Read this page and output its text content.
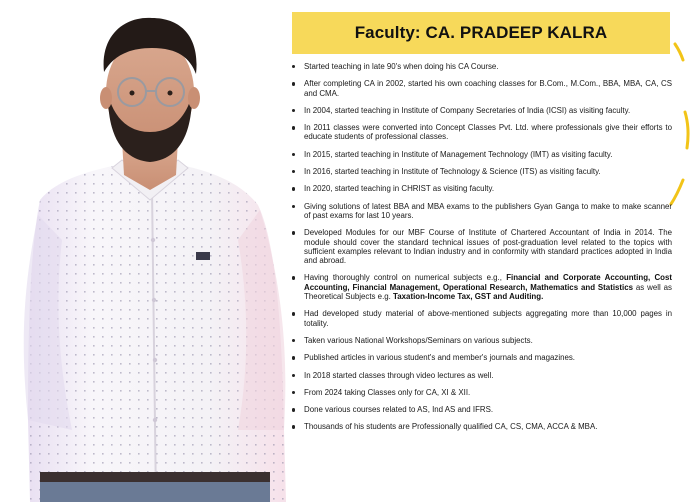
Faculty: CA. PRADEEP KALRA
Started teaching in late 90's when doing his CA Course.
After completing CA in 2002, started his own coaching classes for B.Com., M.Com., BBA, MBA, CA, CS and CMA.
In 2004, started teaching in Institute of Company Secretaries of India (ICSI) as visiting faculty.
In 2011 classes were converted into Concept Classes Pvt. Ltd. where professionals give their efforts to educate students of professional classes.
In 2015, started teaching in Institute of Management Technology (IMT) as visiting faculty.
In 2016, started teaching in Institute of Technology & Science (ITS) as visiting faculty.
In 2020, started teaching in CHRIST as visiting faculty.
Giving solutions of latest BBA and MBA exams to the publishers Gyan Ganga to make to make scanner of past exams for last 10 years.
Developed Modules for our MBF Course of Institute of Chartered Accountant of India in 2014. The module should cover the standard technical issues of post-graduation level related to the topics with sufficient examples relevant to Indian industry and in conformity with standard practices adopted in India and abroad.
Having thoroughly control on numerical subjects e.g., Financial and Corporate Accounting, Cost Accounting, Financial Management, Operational Research, Mathematics and Statistics as well as Theoretical Subjects e.g. Taxation-Income Tax, GST and Auditing.
Had developed study material of above-mentioned subjects aggregating more than 10,000 pages in totality.
Taken various National Workshops/Seminars on various subjects.
Published articles in various student's and member's journals and magazines.
In 2018 started classes through video lectures as well.
From 2024 taking Classes only for CA, XI & XII.
Done various courses related to AS, Ind AS and IFRS.
Thousands of his students are Professionally qualified CA, CS, CMA, ACCA & MBA.
